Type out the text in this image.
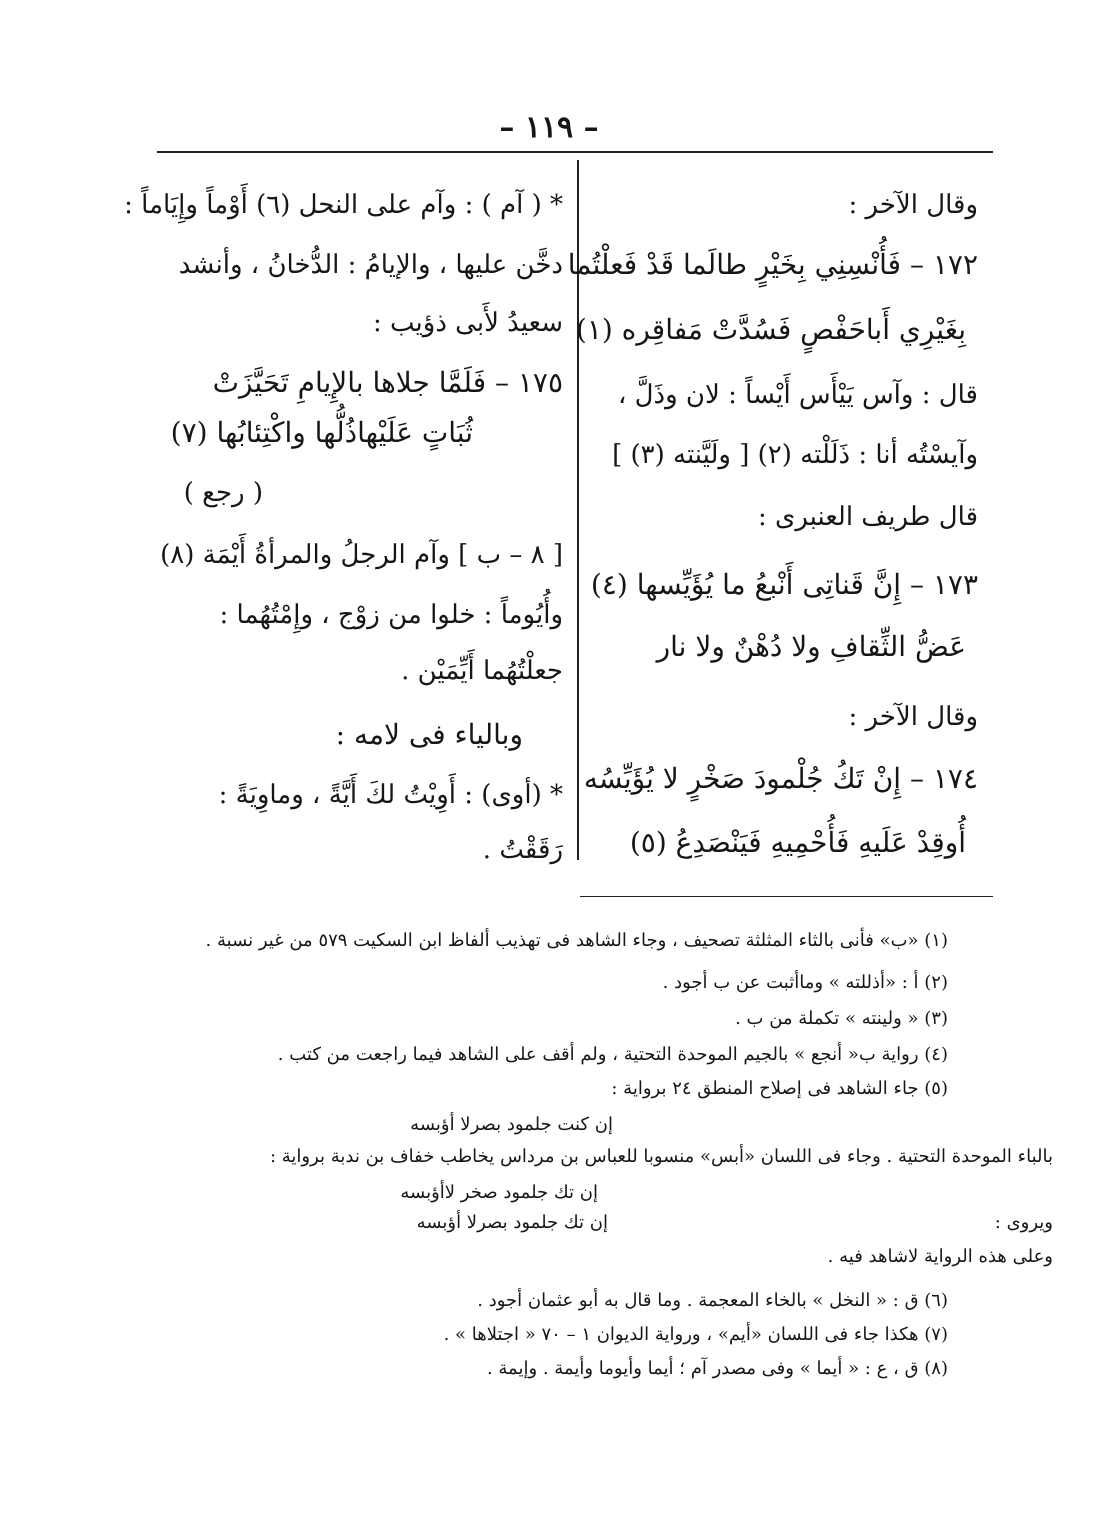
– ١١٩ –
وقال الآخر :
١٧٢ – فَأُنْسِنِي بِخَيْرٍ طالَما قَدْ فَعلْتُما
بِغَيْرِي أَباحَفْصٍ فَسُدَّتْ مَفاقِره (١)
قال : وآس يَيْأَس أَيْساً : لان وذَلَّ ،
وآيسْتُه أنا : ذَلَلْته (٢) [ ولَيَّنته (٣) ]
قال طريف العنبرى :
١٧٣ – إِنَّ قَناتِى أَنْبعُ ما يُؤَيِّسها (٤)
عَضُّ الثِّقافِ ولا دُهْنٌ ولا نار
وقال الآخر :
١٧٤ – إِنْ تَكُ جُلْمودَ صَخْرٍ لا يُؤَيِّسُه
أُوقِدْ عَلَيهِ فَأُحْمِيهِ فَيَنْصَدِعُ (٥)
* ( آم ) : وآم على النحل (٦) أَوْماً وإِيَاماً :
دخَّن عليها ، والإيامُ : الدُّخانُ ، وأنشد
سعيدُ لأَبى ذؤيب :
١٧٥ – فَلَمَّا جلاها بالإِيامِ تَحَيَّزَتْ
ثُبَاتٍ عَلَيْهاذُلُّها واكْتِئابُها (٧)
( رجع )
[ ٨ – ب ] وآم الرجلُ والمرأةُ أَيْمَة (٨)
وأُيُوماً : خلوا من زوْج ، وإِمْتُهُما :
جعلْتُهُما أَيِّمَيْن .
وبالياء فى لامه :
* (أوى) : أَوِيْتُ لكَ أَيَّةً ، وماوِيَةً :
رَقَقْتُ .
(١) «ب» فأنى بالثاء المثلثة تصحيف ، وجاء الشاهد فى تهذيب ألفاظ ابن السكيت ٥٧٩ من غير نسبة .
(٢) أ : «أذللته » وماأثبت عن ب أجود .
(٣) « ولينته » تكملة من ب .
(٤) رواية ب« أنجع » بالجيم الموحدة التحتية ، ولم أقف على الشاهد فيما راجعت من كتب .
(٥) جاء الشاهد فى إصلاح المنطق ٢٤ برواية :
إن كنت جلمود بصرلا أؤبسه
بالباء الموحدة التحتية . وجاء فى اللسان «أبس» منسوبا للعباس بن مرداس يخاطب خفاف بن ندبة برواية :
إن تك جلمود صخر لاأؤبسه
ويروى :
إن تك جلمود بصرلا أؤبسه
وعلى هذه الرواية لاشاهد فيه .
(٦) ق : « النخل » بالخاء المعجمة . وما قال به أبو عثمان أجود .
(٧) هكذا جاء فى اللسان «أيم» ، ورواية الديوان ١ – ٧٠ « اجتلاها » .
(٨) ق ، ع : « أيما » وفى مصدر آم ؛ أيما وأيوما وأيمة . وإيمة .
